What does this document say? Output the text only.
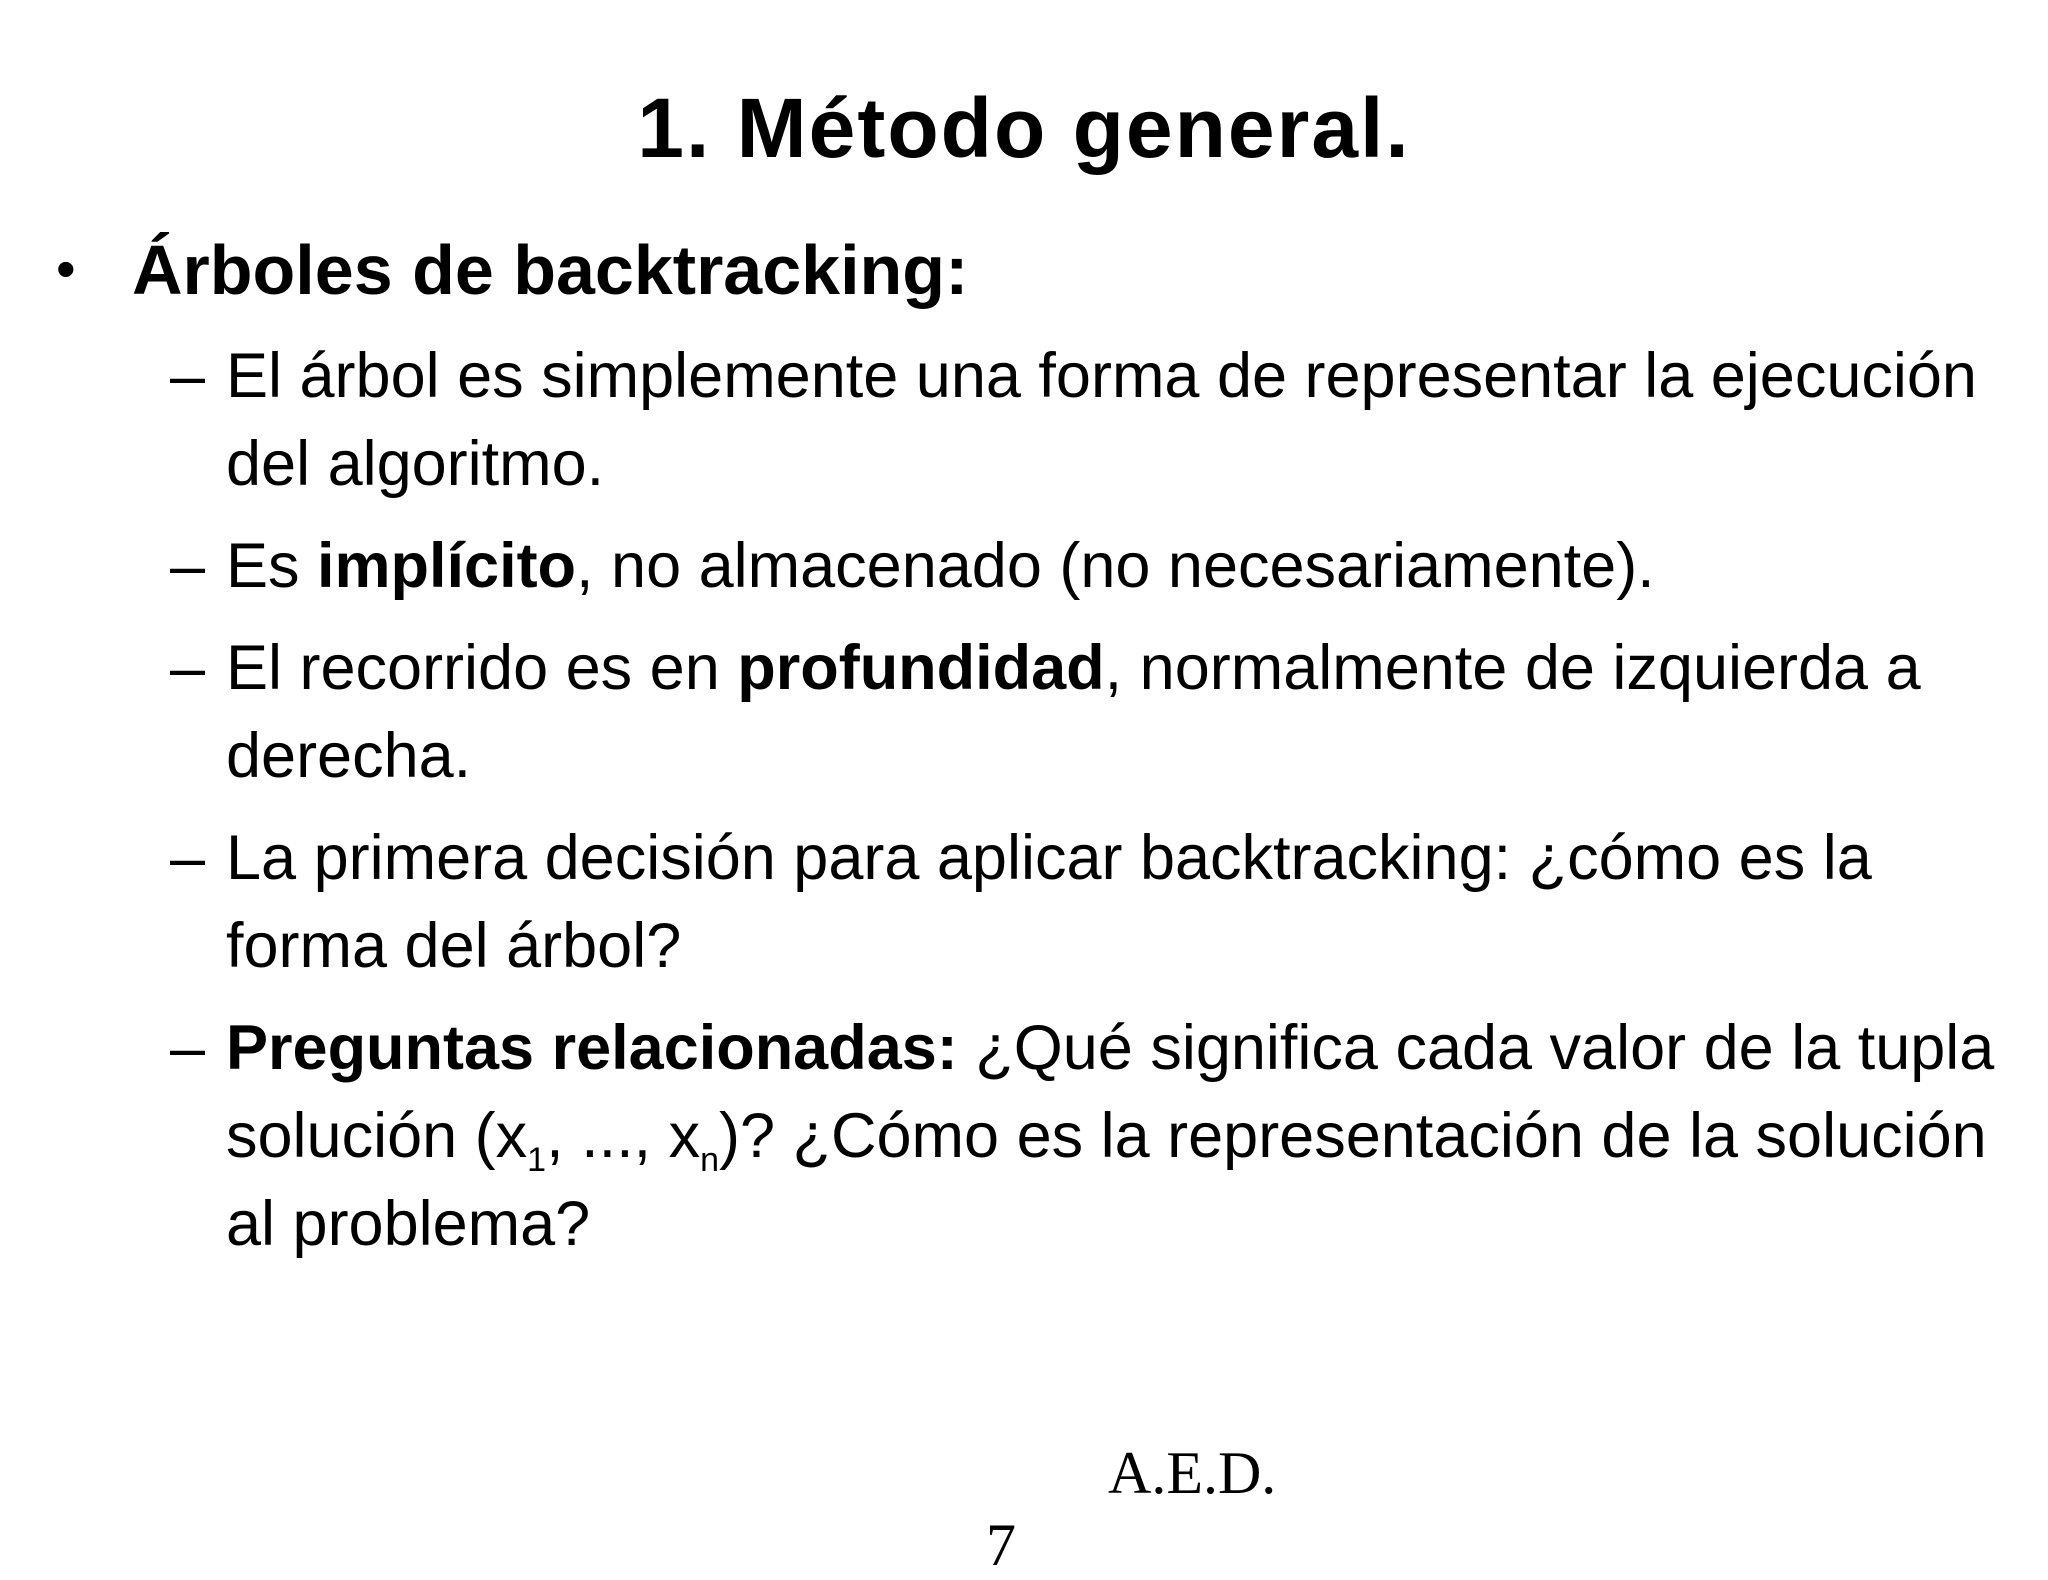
1. Método general.
• Árboles de backtracking:
– El árbol es simplemente una forma de representar la ejecución del algoritmo.
– Es implícito, no almacenado (no necesariamente).
– El recorrido es en profundidad, normalmente de izquierda a derecha.
– La primera decisión para aplicar backtracking: ¿cómo es la forma del árbol?
– Preguntas relacionadas: ¿Qué significa cada valor de la tupla solución ($x_1$, ..., $x_n$)? ¿Cómo es la representación de la solución al problema?
A.E.D.
7
